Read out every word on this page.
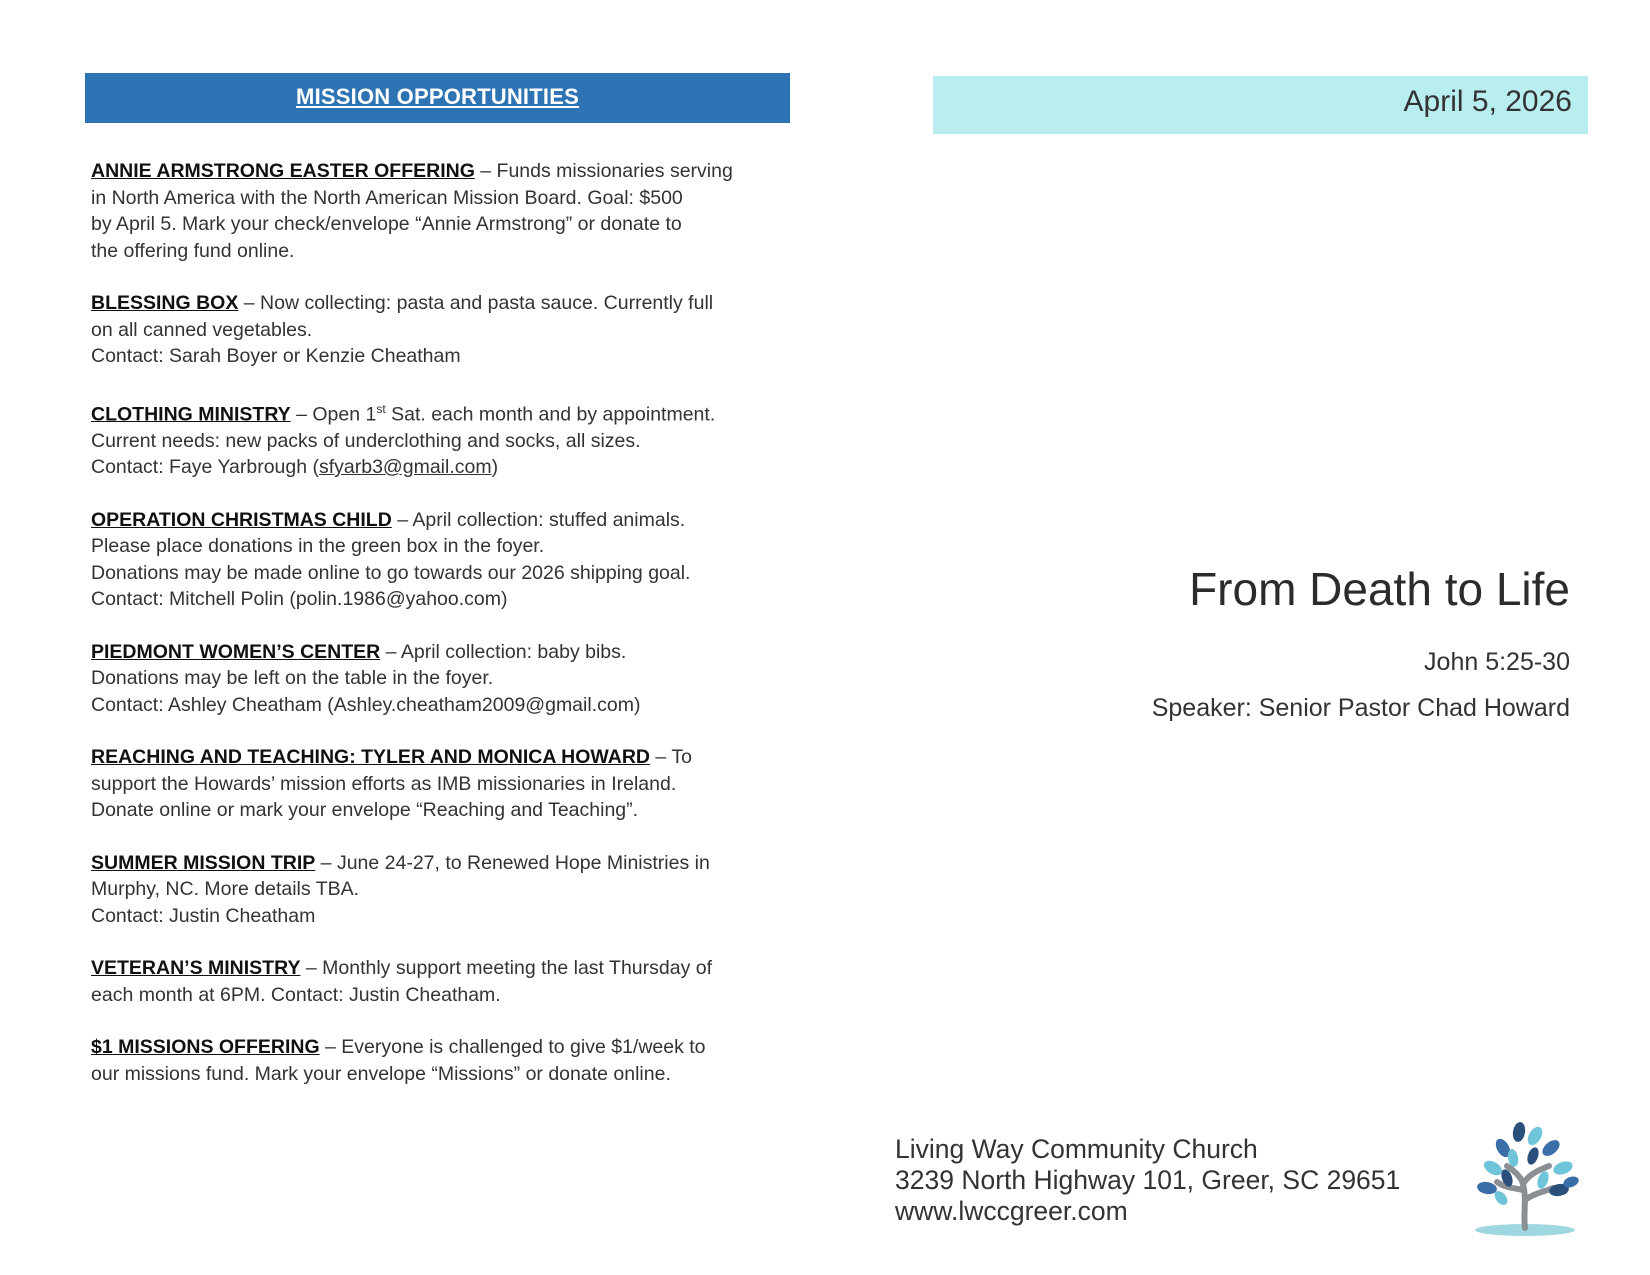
MISSION OPPORTUNITIES
ANNIE ARMSTRONG EASTER OFFERING – Funds missionaries serving
in North America with the North American Mission Board. Goal: $500
by April 5. Mark your check/envelope “Annie Armstrong” or donate to
the offering fund online.
BLESSING BOX – Now collecting: pasta and pasta sauce. Currently full
on all canned vegetables.
Contact: Sarah Boyer or Kenzie Cheatham
CLOTHING MINISTRY – Open 1st Sat. each month and by appointment.
Current needs: new packs of underclothing and socks, all sizes.
Contact: Faye Yarbrough (sfyarb3@gmail.com)
OPERATION CHRISTMAS CHILD – April collection: stuffed animals.
Please place donations in the green box in the foyer.
Donations may be made online to go towards our 2026 shipping goal.
Contact: Mitchell Polin (polin.1986@yahoo.com)
PIEDMONT WOMEN’S CENTER – April collection: baby bibs.
Donations may be left on the table in the foyer.
Contact: Ashley Cheatham (Ashley.cheatham2009@gmail.com)
REACHING AND TEACHING: TYLER AND MONICA HOWARD – To
support the Howards’ mission efforts as IMB missionaries in Ireland.
Donate online or mark your envelope “Reaching and Teaching”.
SUMMER MISSION TRIP – June 24-27, to Renewed Hope Ministries in
Murphy, NC. More details TBA.
Contact: Justin Cheatham
VETERAN’S MINISTRY – Monthly support meeting the last Thursday of
each month at 6PM. Contact: Justin Cheatham.
$1 MISSIONS OFFERING – Everyone is challenged to give $1/week to
our missions fund. Mark your envelope “Missions” or donate online.
April 5, 2026
From Death to Life
John 5:25-30
Speaker: Senior Pastor Chad Howard
Living Way Community Church
3239 North Highway 101, Greer, SC 29651
www.lwccgreer.com
